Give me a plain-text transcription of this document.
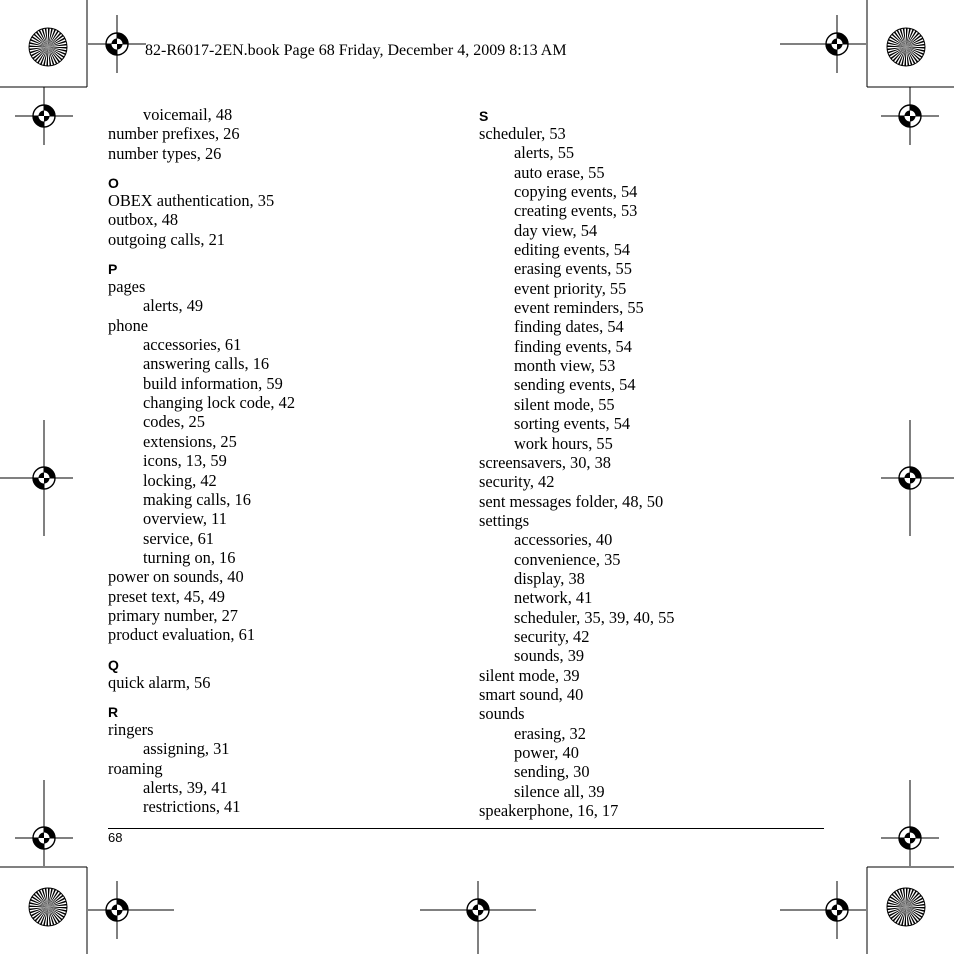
82-R6017-2EN.book Page 68 Friday, December 4, 2009 8:13 AM
voicemail, 48
number prefixes, 26
number types, 26
O
OBEX authentication, 35
outbox, 48
outgoing calls, 21
P
pages
alerts, 49
phone
accessories, 61
answering calls, 16
build information, 59
changing lock code, 42
codes, 25
extensions, 25
icons, 13, 59
locking, 42
making calls, 16
overview, 11
service, 61
turning on, 16
power on sounds, 40
preset text, 45, 49
primary number, 27
product evaluation, 61
Q
quick alarm, 56
R
ringers
assigning, 31
roaming
alerts, 39, 41
restrictions, 41
S
scheduler, 53
alerts, 55
auto erase, 55
copying events, 54
creating events, 53
day view, 54
editing events, 54
erasing events, 55
event priority, 55
event reminders, 55
finding dates, 54
finding events, 54
month view, 53
sending events, 54
silent mode, 55
sorting events, 54
work hours, 55
screensavers, 30, 38
security, 42
sent messages folder, 48, 50
settings
accessories, 40
convenience, 35
display, 38
network, 41
scheduler, 35, 39, 40, 55
security, 42
sounds, 39
silent mode, 39
smart sound, 40
sounds
erasing, 32
power, 40
sending, 30
silence all, 39
speakerphone, 16, 17
68
